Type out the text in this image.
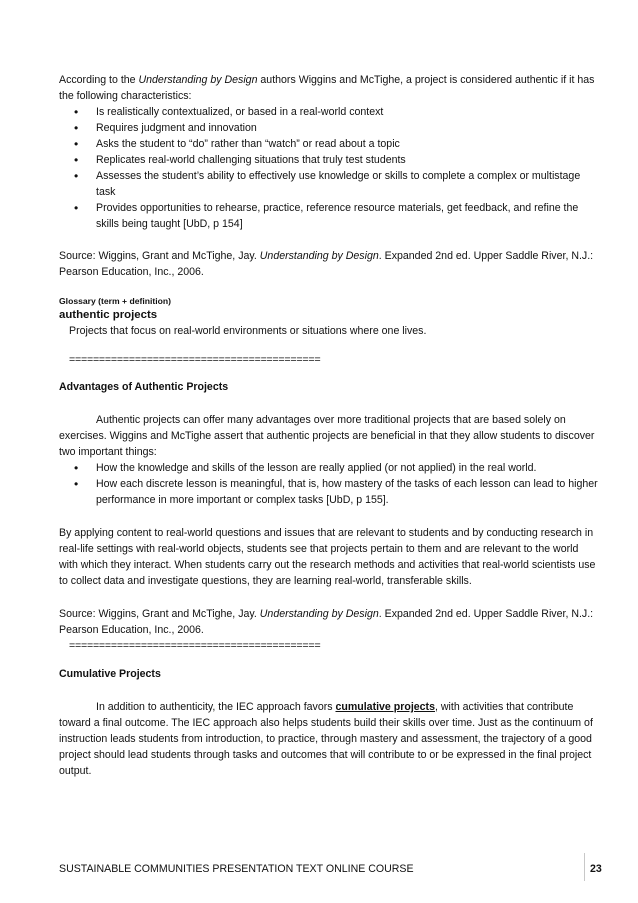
According to the Understanding by Design authors Wiggins and McTighe, a project is considered authentic if it has the following characteristics:

• Is realistically contextualized, or based in a real-world context
• Requires judgment and innovation
• Asks the student to “do” rather than “watch” or read about a topic
• Replicates real-world challenging situations that truly test students
• Assesses the student’s ability to effectively use knowledge or skills to complete a complex or multistage task
• Provides opportunities to rehearse, practice, reference resource materials, get feedback, and refine the skills being taught [UbD, p 154]

Source: Wiggins, Grant and McTighe, Jay. Understanding by Design. Expanded 2nd ed. Upper Saddle River, N.J.: Pearson Education, Inc., 2006.

Glossary (term + definition)

authentic projects

Projects that focus on real-world environments or situations where one lives.

==========================================

Advantages of Authentic Projects

Authentic projects can offer many advantages over more traditional projects that are based solely on exercises. Wiggins and McTighe assert that authentic projects are beneficial in that they allow students to discover two important things:

• How the knowledge and skills of the lesson are really applied (or not applied) in the real world.
• How each discrete lesson is meaningful, that is, how mastery of the tasks of each lesson can lead to higher performance in more important or complex tasks [UbD, p 155].

By applying content to real-world questions and issues that are relevant to students and by conducting research in real-life settings with real-world objects, students see that projects pertain to them and are relevant to the world with which they interact. When students carry out the research methods and activities that real-world scientists use to collect data and investigate questions, they are learning real-world, transferable skills.

Source: Wiggins, Grant and McTighe, Jay. Understanding by Design. Expanded 2nd ed. Upper Saddle River, N.J.: Pearson Education, Inc., 2006.

==========================================

Cumulative Projects

In addition to authenticity, the IEC approach favors cumulative projects, with activities that contribute toward a final outcome. The IEC approach also helps students build their skills over time. Just as the continuum of instruction leads students from introduction, to practice, through mastery and assessment, the trajectory of a good project should lead students through tasks and outcomes that will contribute to or be expressed in the final project output.

SUSTAINABLE COMMUNITIES PRESENTATION TEXT ONLINE COURSE	23
